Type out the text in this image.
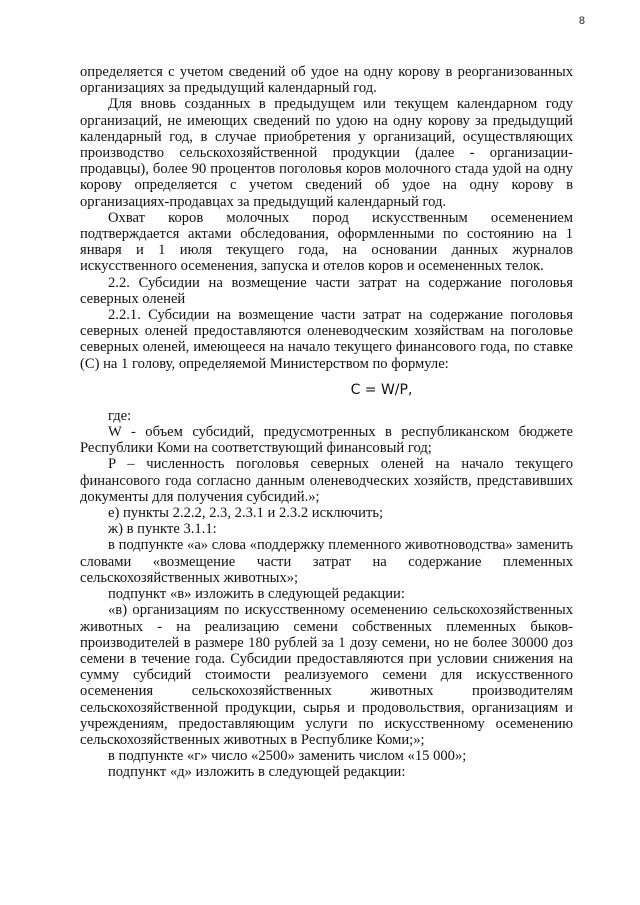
8

определяется с учетом сведений об удое на одну корову в реорганизованных организациях за предыдущий календарный год.

Для вновь созданных в предыдущем или текущем календарном году организаций, не имеющих сведений по удою на одну корову за предыдущий календарный год, в случае приобретения у организаций, осуществляющих производство сельскохозяйственной продукции (далее - организации-продавцы), более 90 процентов поголовья коров молочного стада удой на одну корову определяется с учетом сведений об удое на одну корову в организациях-продавцах за предыдущий календарный год.

Охват коров молочных пород искусственным осеменением подтверждается актами обследования, оформленными по состоянию на 1 января и 1 июля текущего года, на основании данных журналов искусственного осеменения, запуска и отелов коров и осемененных телок.

2.2. Субсидии на возмещение части затрат на содержание поголовья северных оленей

2.2.1. Субсидии на возмещение части затрат на содержание поголовья северных оленей предоставляются оленеводческим хозяйствам на поголовье северных оленей, имеющееся на начало текущего финансового года, по ставке (С) на 1 голову, определяемой Министерством по формуле:

C = W/P,

где:

W - объем субсидий, предусмотренных в республиканском бюджете Республики Коми на соответствующий финансовый год;

P – численность поголовья северных оленей на начало текущего финансового года согласно данным оленеводческих хозяйств, представивших документы для получения субсидий.»;

е) пункты 2.2.2, 2.3, 2.3.1 и 2.3.2 исключить;

ж) в пункте 3.1.1:

в подпункте «а» слова «поддержку племенного животноводства» заменить словами «возмещение части затрат на содержание племенных сельскохозяйственных животных»;

подпункт «в» изложить в следующей редакции:

«в) организациям по искусственному осеменению сельскохозяйственных животных - на реализацию семени собственных племенных быков-производителей в размере 180 рублей за 1 дозу семени, но не более 30000 доз семени в течение года. Субсидии предоставляются при условии снижения на сумму субсидий стоимости реализуемого семени для искусственного осеменения сельскохозяйственных животных производителям сельскохозяйственной продукции, сырья и продовольствия, организациям и учреждениям, предоставляющим услуги по искусственному осеменению сельскохозяйственных животных в Республике Коми;»;

в подпункте «г» число «2500» заменить числом «15 000»;

подпункт «д» изложить в следующей редакции:
